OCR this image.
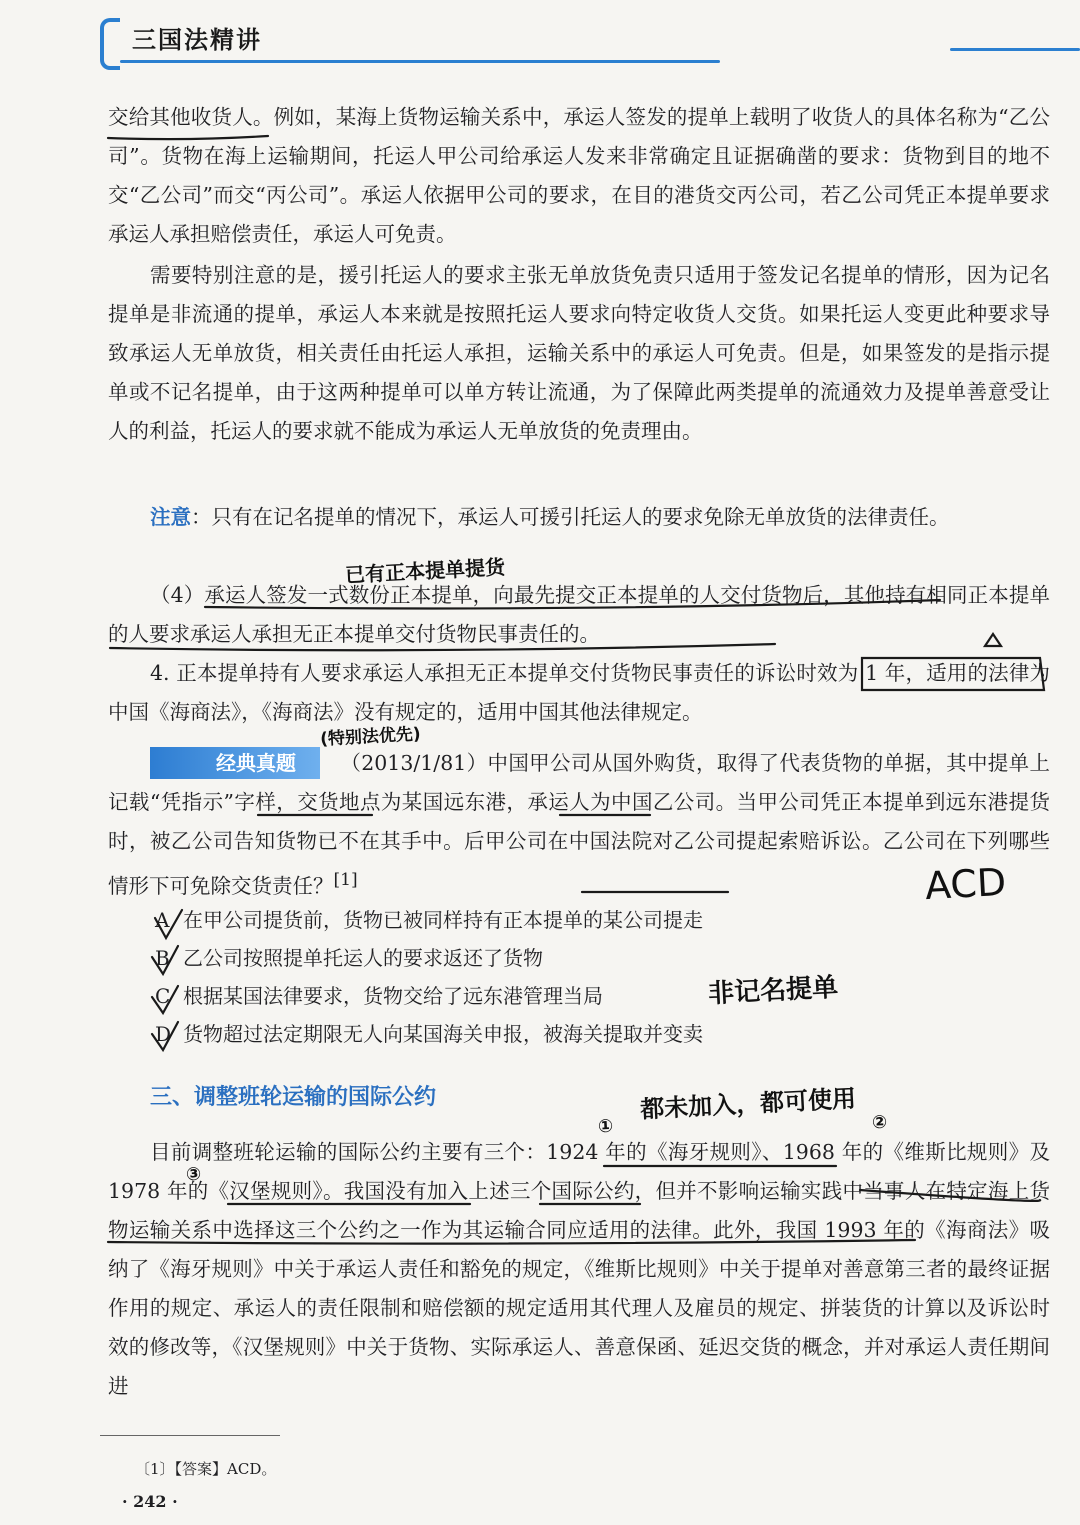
三国法精讲
交给其他收货人。例如，某海上货物运输关系中，承运人签发的提单上载明了收货人的具体名称为“乙公司”。货物在海上运输期间，托运人甲公司给承运人发来非常确定且证据确凿的要求：货物到目的地不交“乙公司”而交“丙公司”。承运人依据甲公司的要求，在目的港货交丙公司，若乙公司凭正本提单要求承运人承担赔偿责任，承运人可免责。
需要特别注意的是，援引托运人的要求主张无单放货免责只适用于签发记名提单的情形，因为记名提单是非流通的提单，承运人本来就是按照托运人要求向特定收货人交货。如果托运人变更此种要求导致承运人无单放货，相关责任由托运人承担，运输关系中的承运人可免责。但是，如果签发的是指示提单或不记名提单，由于这两种提单可以单方转让流通，为了保障此两类提单的流通效力及提单善意受让人的利益，托运人的要求就不能成为承运人无单放货的免责理由。
注意：只有在记名提单的情况下，承运人可援引托运人的要求免除无单放货的法律责任。
（4）承运人签发一式数份正本提单，向最先提交正本提单的人交付货物后，其他持有相同正本提单的人要求承运人承担无正本提单交付货物民事责任的。
4. 正本提单持有人要求承运人承担无正本提单交付货物民事责任的诉讼时效为 1 年，适用的法律为中国《海商法》，《海商法》没有规定的，适用中国其他法律规定。
经典真题 （2013/1/81）中国甲公司从国外购货，取得了代表货物的单据，其中提单上记载“凭指示”字样，交货地点为某国远东港，承运人为中国乙公司。当甲公司凭正本提单到远东港提货时，被乙公司告知货物已不在其手中。后甲公司在中国法院对乙公司提起索赔诉讼。乙公司在下列哪些情形下可免除交货责任？[1]
A 在甲公司提货前，货物已被同样持有正本提单的某公司提走
B 乙公司按照提单托运人的要求返还了货物
C 根据某国法律要求，货物交给了远东港管理当局
D 货物超过法定期限无人向某国海关申报，被海关提取并变卖
三、调整班轮运输的国际公约
目前调整班轮运输的国际公约主要有三个：1924 年的《海牙规则》、1968 年的《维斯比规则》及 1978 年的《汉堡规则》。我国没有加入上述三个国际公约，但并不影响运输实践中当事人在特定海上货物运输关系中选择这三个公约之一作为其运输合同应适用的法律。此外，我国 1993 年的《海商法》吸纳了《海牙规则》中关于承运人责任和豁免的规定，《维斯比规则》中关于提单对善意第三者的最终证据作用的规定、承运人的责任限制和赔偿额的规定适用其代理人及雇员的规定、拼装货的计算以及诉讼时效的修改等，《汉堡规则》中关于货物、实际承运人、善意保函、延迟交货的概念，并对承运人责任期间进
〔1〕【答案】ACD。
· 242 ·
已有正本提单提货
(特别法优先)
ACD
非记名提单
都未加入，都可使用
①	②
③
